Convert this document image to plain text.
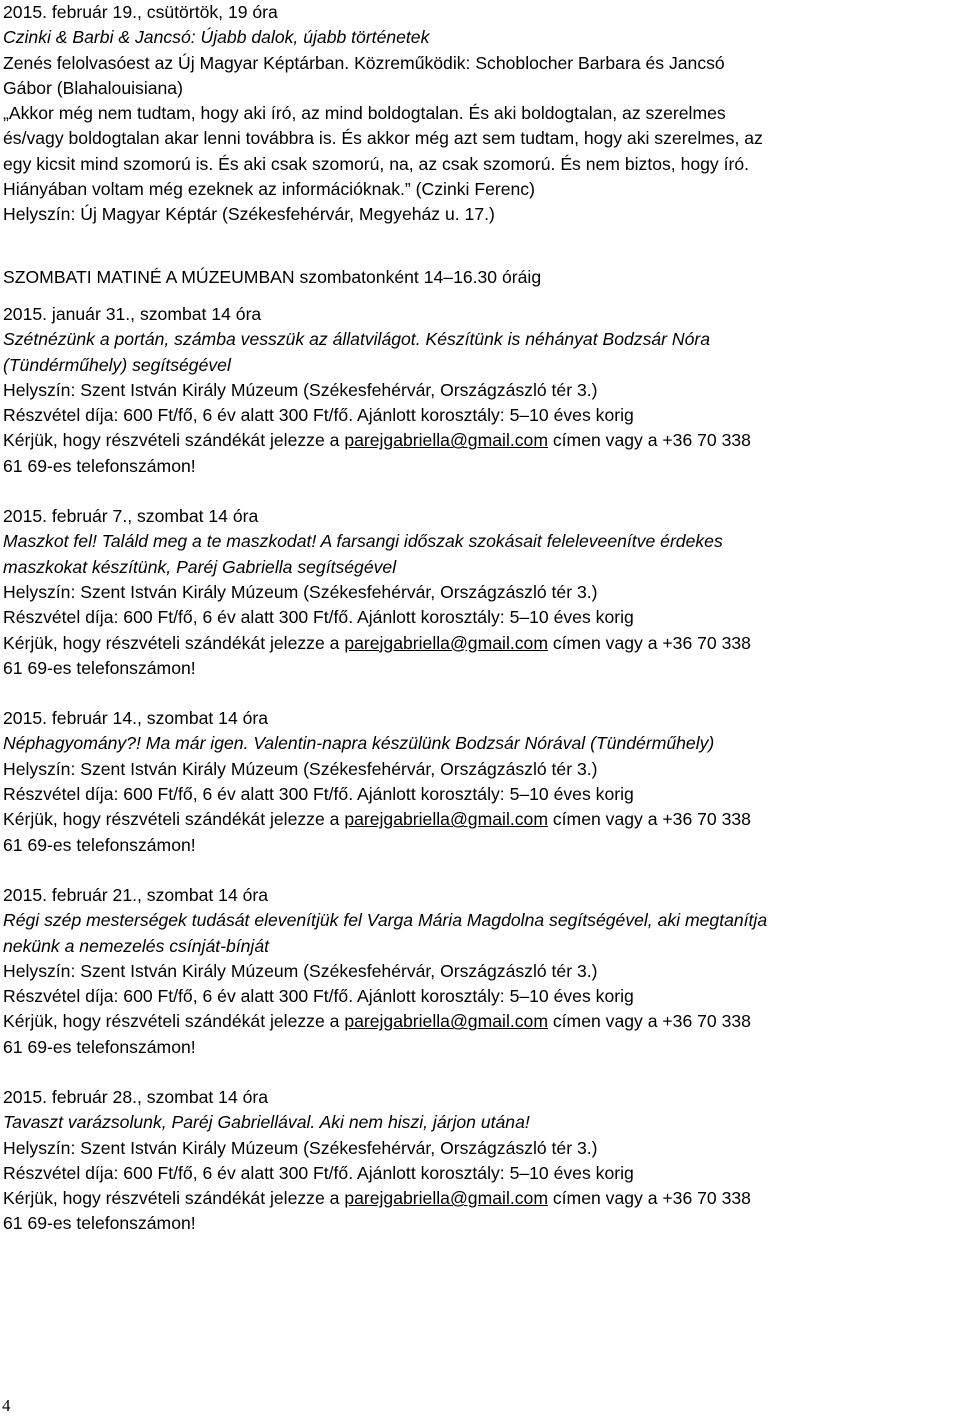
2015. február 19., csütörtök, 19 óra

Czinki & Barbi & Jancsó: Újabb dalok, újabb történetek

Zenés felolvasóest az Új Magyar Képtárban. Közreműködik: Schoblocher Barbara és Jancsó
Gábor (Blahalouisiana)

„Akkor még nem tudtam, hogy aki író, az mind boldogtalan. És aki boldogtalan, az szerelmes
és/vagy boldogtalan akar lenni továbbra is. És akkor még azt sem tudtam, hogy aki szerelmes, az
egy kicsit mind szomorú is. És aki csak szomorú, na, az csak szomorú. És nem biztos, hogy író.
Hiányában voltam még ezeknek az információknak.” (Czinki Ferenc)

Helyszín: Új Magyar Képtár (Székesfehérvár, Megyeház u. 17.)

SZOMBATI MATINÉ A MÚZEUMBAN szombatonként 14–16.30 óráig

2015. január 31., szombat 14 óra

Szétnézünk a portán, számba vesszük az állatvilágot. Készítünk is néhányat Bodzsár Nóra
(Tündérműhely) segítségével

Helyszín: Szent István Király Múzeum (Székesfehérvár, Országzászló tér 3.)

Részvétel díja: 600 Ft/fő, 6 év alatt 300 Ft/fő. Ajánlott korosztály: 5–10 éves korig

Kérjük, hogy részvételi szándékát jelezze a parejgabriella@gmail.com címen vagy a +36 70 338
61 69-es telefonszámon!

2015. február 7., szombat 14 óra

Maszkot fel! Találd meg a te maszkodat! A farsangi időszak szokásait feleleveenítve érdekes
maszkokat készítünk, Paréj Gabriella segítségével

Helyszín: Szent István Király Múzeum (Székesfehérvár, Országzászló tér 3.)

Részvétel díja: 600 Ft/fő, 6 év alatt 300 Ft/fő. Ajánlott korosztály: 5–10 éves korig

Kérjük, hogy részvételi szándékát jelezze a parejgabriella@gmail.com címen vagy a +36 70 338
61 69-es telefonszámon!

2015. február 14., szombat 14 óra

Néphagyomány?! Ma már igen. Valentin-napra készülünk Bodzsár Nórával (Tündérműhely)

Helyszín: Szent István Király Múzeum (Székesfehérvár, Országzászló tér 3.)

Részvétel díja: 600 Ft/fő, 6 év alatt 300 Ft/fő. Ajánlott korosztály: 5–10 éves korig

Kérjük, hogy részvételi szándékát jelezze a parejgabriella@gmail.com címen vagy a +36 70 338
61 69-es telefonszámon!

2015. február 21., szombat 14 óra

Régi szép mesterségek tudását elevenítjük fel Varga Mária Magdolna segítségével, aki megtanítja
nekünk a nemezelés csínját-bínját

Helyszín: Szent István Király Múzeum (Székesfehérvár, Országzászló tér 3.)

Részvétel díja: 600 Ft/fő, 6 év alatt 300 Ft/fő. Ajánlott korosztály: 5–10 éves korig

Kérjük, hogy részvételi szándékát jelezze a parejgabriella@gmail.com címen vagy a +36 70 338
61 69-es telefonszámon!

2015. február 28., szombat 14 óra

Tavaszt varázsolunk, Paréj Gabriellával. Aki nem hiszi, járjon utána!

Helyszín: Szent István Király Múzeum (Székesfehérvár, Országzászló tér 3.)

Részvétel díja: 600 Ft/fő, 6 év alatt 300 Ft/fő. Ajánlott korosztály: 5–10 éves korig

Kérjük, hogy részvételi szándékát jelezze a parejgabriella@gmail.com címen vagy a +36 70 338
61 69-es telefonszámon!

4
